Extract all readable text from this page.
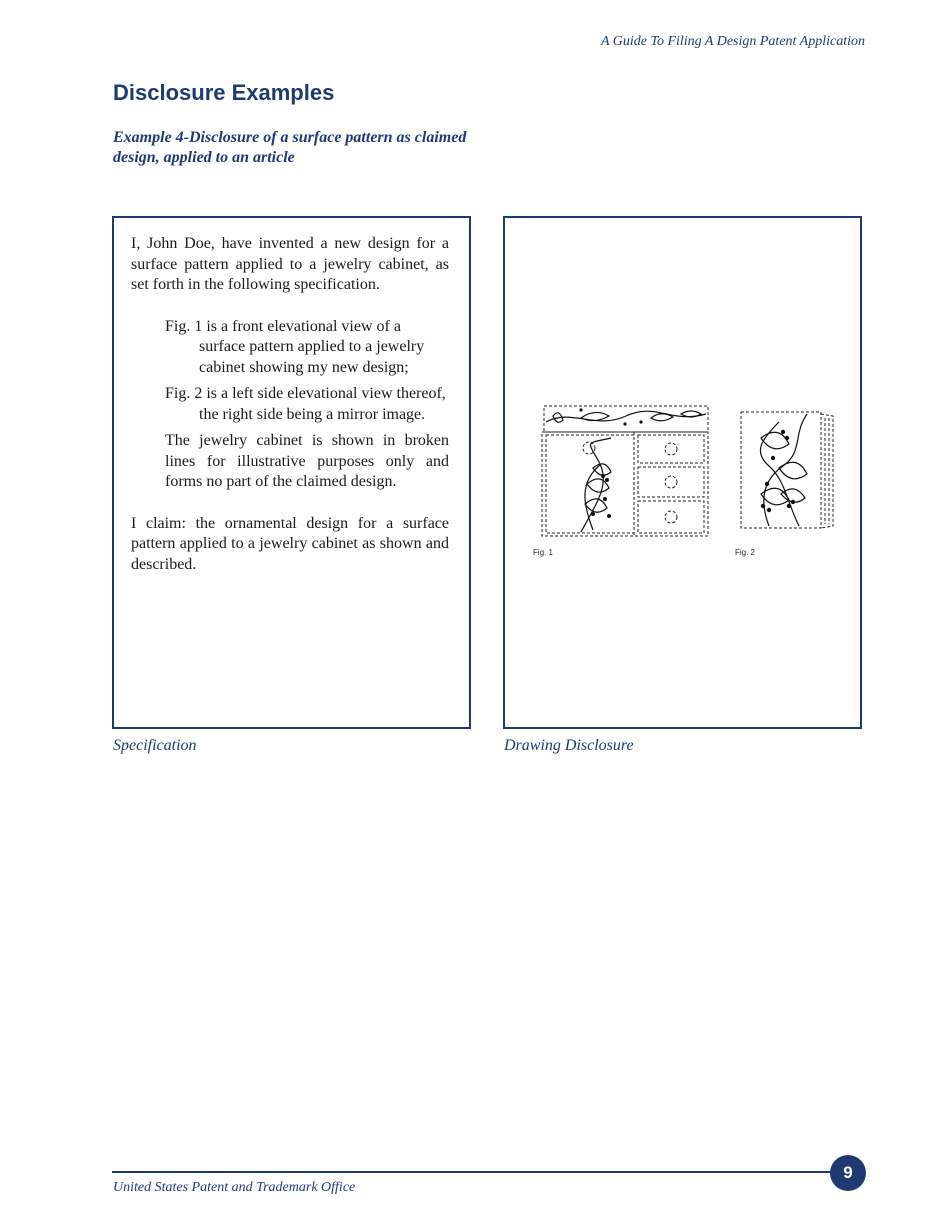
A Guide To Filing A Design Patent Application
Disclosure Examples
Example 4-Disclosure of a surface pattern as claimed design, applied to an article

I, John Doe, have invented a new design for a surface pattern applied to a jewelry cabinet, as set forth in the following specification.

Fig. 1 is a front elevational view of a surface pattern applied to a jewelry cabinet showing my new design;

Fig. 2 is a left side elevational view thereof, the right side being a mirror image.

The jewelry cabinet is shown in broken lines for illustrative purposes only and forms no part of the claimed design.

I claim: the ornamental design for a surface pattern applied to a jewelry cabinet as shown and described.

Fig. 1	Fig. 2
Specification	Drawing Disclosure
United States Patent and Trademark Office
9
